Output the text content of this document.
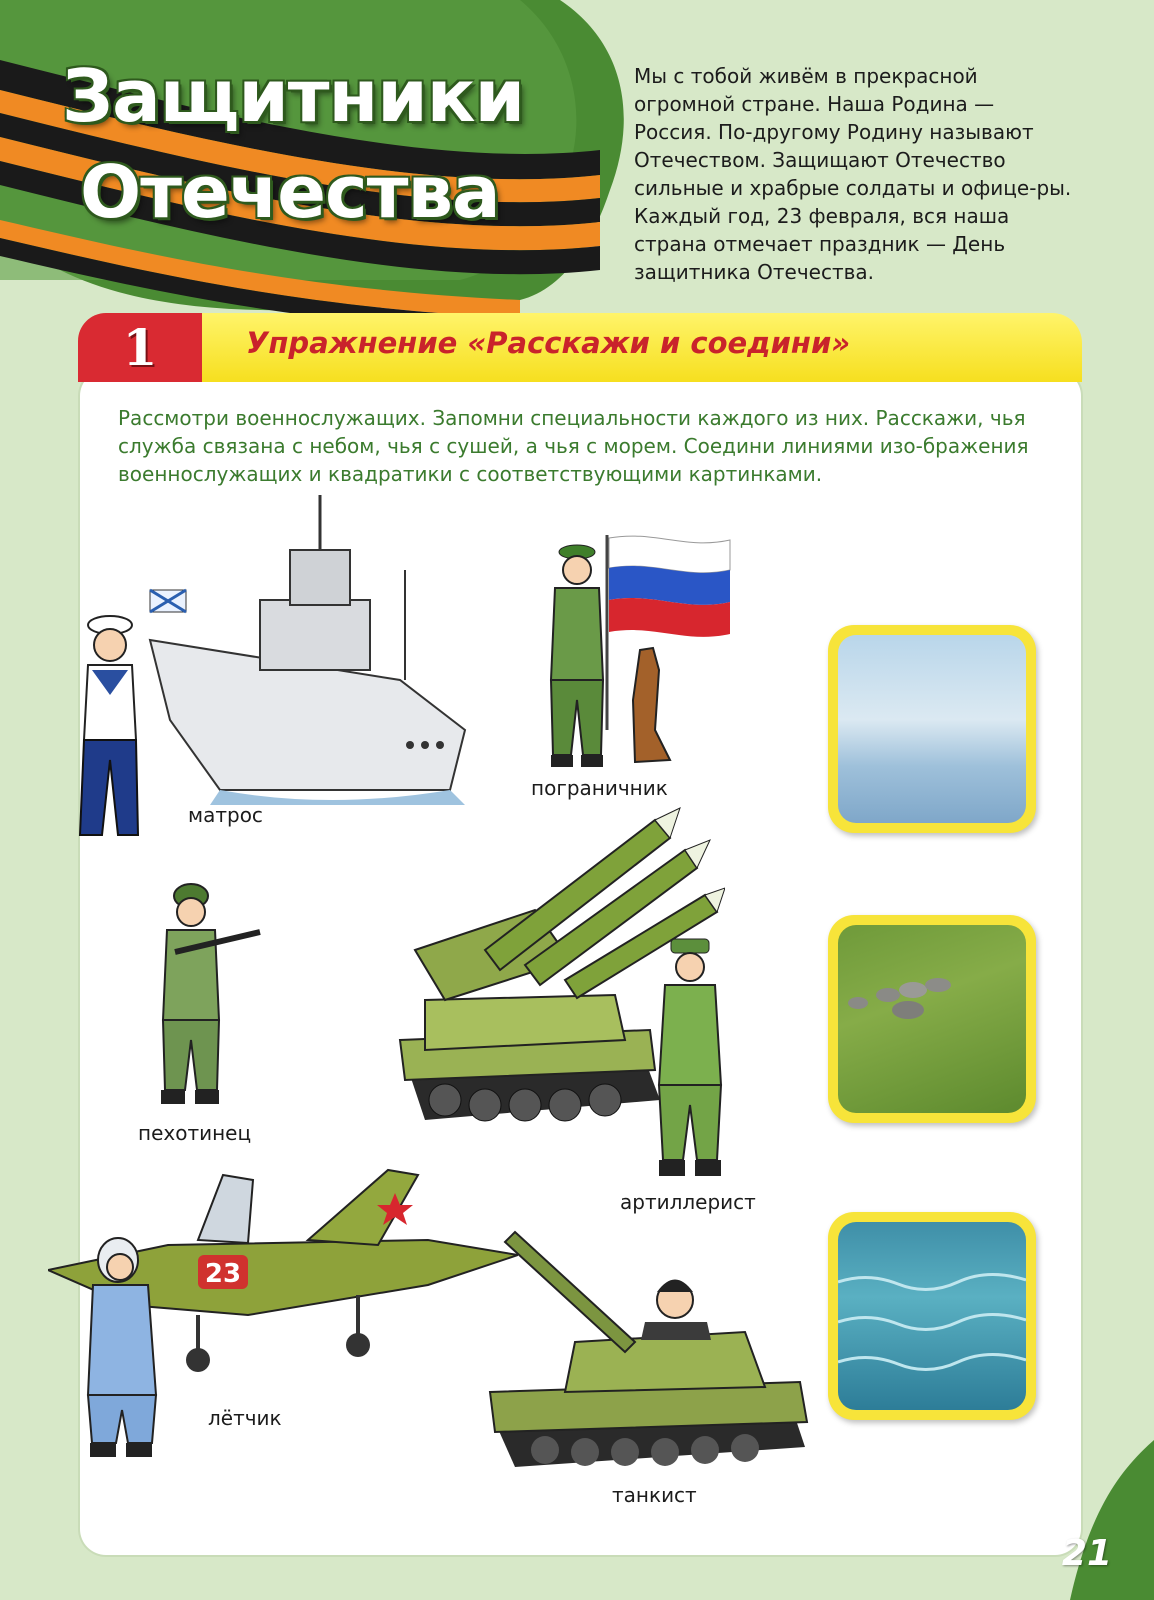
Защитники
Отечества
Мы с тобой живём в прекрасной огромной стране. Наша Родина — Россия. По-другому Родину называют Отечеством. Защищают Отечество сильные и храбрые солдаты и офице-ры. Каждый год, 23 февраля, вся наша страна отмечает праздник — День защитника Отечества.
1	Упражнение «Расскажи и соедини»
Рассмотри военнослужащих. Запомни специальности каждого из них. Расскажи, чья служба связана с небом, чья с сушей, а чья с морем. Соедини линиями изо-бражения военнослужащих и квадратики с соответствующими картинками.
матрос
пограничник
пехотинец
артиллерист
23
лётчик
танкист
21
